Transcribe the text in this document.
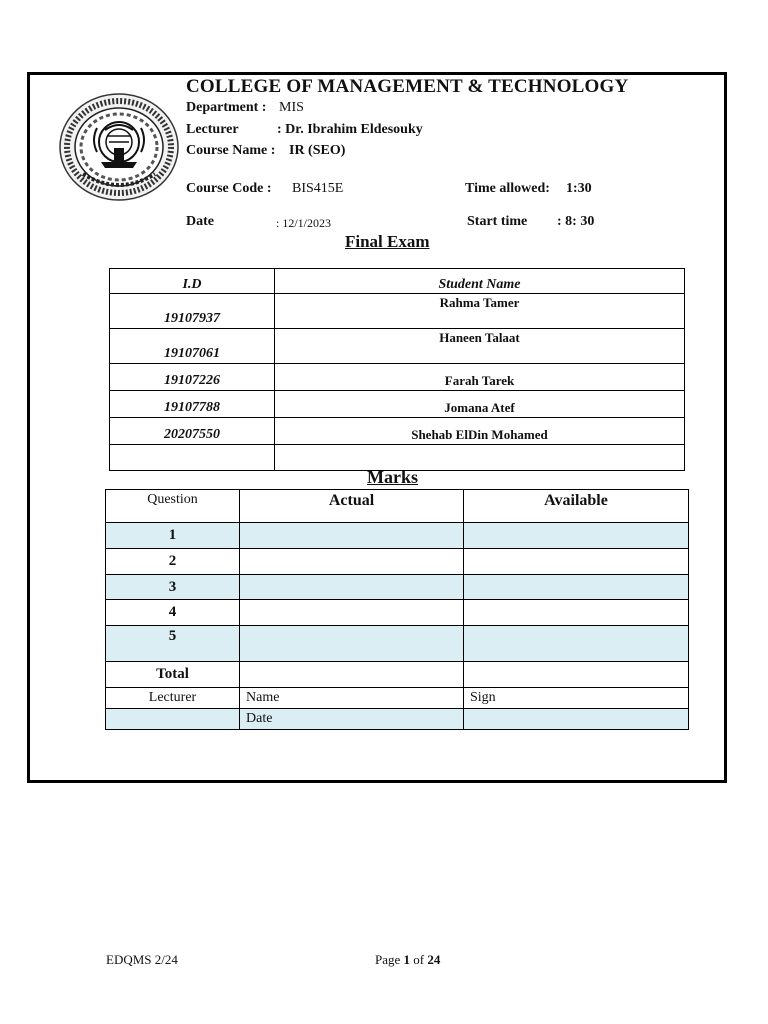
COLLEGE OF MANAGEMENT & TECHNOLOGY
Department : MIS
Lecturer	: Dr. Ibrahim Eldesouky
Course Name : IR (SEO)
Course Code : BIS415E	Time allowed: 1:30
Date	: 12/1/2023	Start time : 8: 30
Final Exam
I.D	Student Name
19107937	Rahma Tamer
19107061	Haneen Talaat
19107226	Farah Tarek
19107788	Jomana Atef
20207550	Shehab ElDin Mohamed

Marks
Question	Actual	Available
1		
2		
3		
4		
5		
Total		
Lecturer	Name	Sign
	Date	
EDQMS 2/24	Page 1 of 24
